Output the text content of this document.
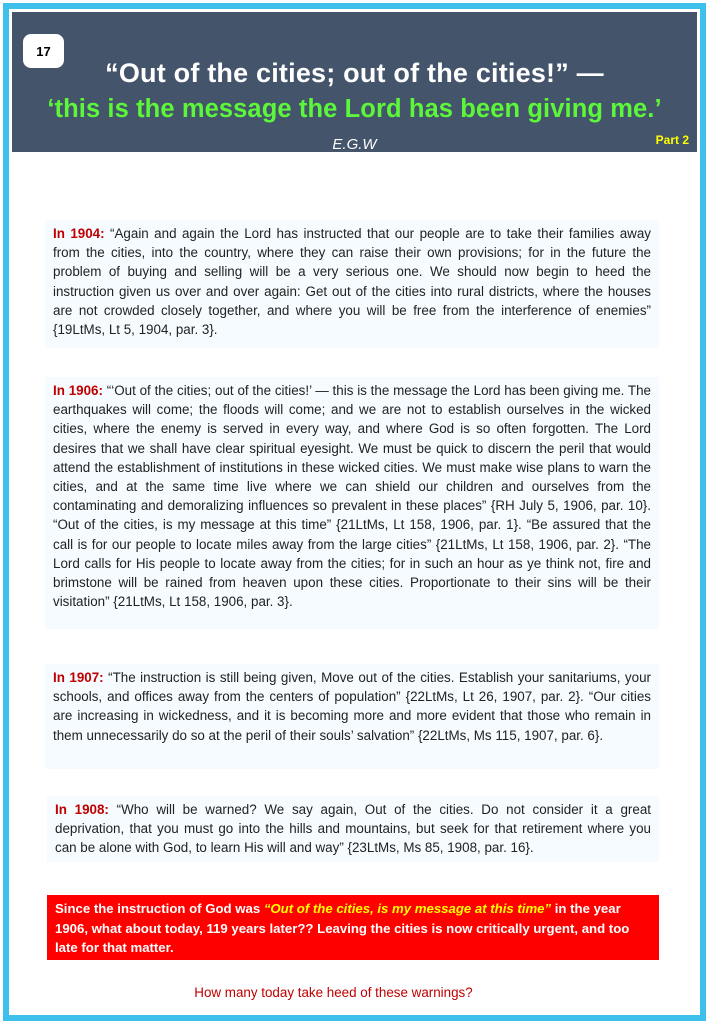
17
“Out of the cities; out of the cities!” —
‘this is the message the Lord has been giving me.’
E.G.W	Part 2
In 1904: “Again and again the Lord has instructed that our people are to take their families away from the cities, into the country, where they can raise their own provisions; for in the future the problem of buying and selling will be a very serious one. We should now begin to heed the instruction given us over and over again: Get out of the cities into rural districts, where the houses are not crowded closely together, and where you will be free from the interference of enemies” {19LtMs, Lt 5, 1904, par. 3}.
In 1906: “‘Out of the cities; out of the cities!’ — this is the message the Lord has been giving me. The earthquakes will come; the floods will come; and we are not to establish ourselves in the wicked cities, where the enemy is served in every way, and where God is so often forgotten. The Lord desires that we shall have clear spiritual eyesight. We must be quick to discern the peril that would attend the establishment of institutions in these wicked cities. We must make wise plans to warn the cities, and at the same time live where we can shield our children and ourselves from the contaminating and demoralizing influences so prevalent in these places” {RH July 5, 1906, par. 10}. “Out of the cities, is my message at this time” {21LtMs, Lt 158, 1906, par. 1}. “Be assured that the call is for our people to locate miles away from the large cities” {21LtMs, Lt 158, 1906, par. 2}. “The Lord calls for His people to locate away from the cities; for in such an hour as ye think not, fire and brimstone will be rained from heaven upon these cities. Proportionate to their sins will be their visitation” {21LtMs, Lt 158, 1906, par. 3}.
In 1907: “The instruction is still being given, Move out of the cities. Establish your sanitariums, your schools, and offices away from the centers of population” {22LtMs, Lt 26, 1907, par. 2}. “Our cities are increasing in wickedness, and it is becoming more and more evident that those who remain in them unnecessarily do so at the peril of their souls’ salvation” {22LtMs, Ms 115, 1907, par. 6}.
In 1908: “Who will be warned? We say again, Out of the cities. Do not consider it a great deprivation, that you must go into the hills and mountains, but seek for that retirement where you can be alone with God, to learn His will and way” {23LtMs, Ms 85, 1908, par. 16}.
Since the instruction of God was “Out of the cities, is my message at this time” in the year 1906, what about today, 119 years later?? Leaving the cities is now critically urgent, and too late for that matter.
How many today take heed of these warnings?
